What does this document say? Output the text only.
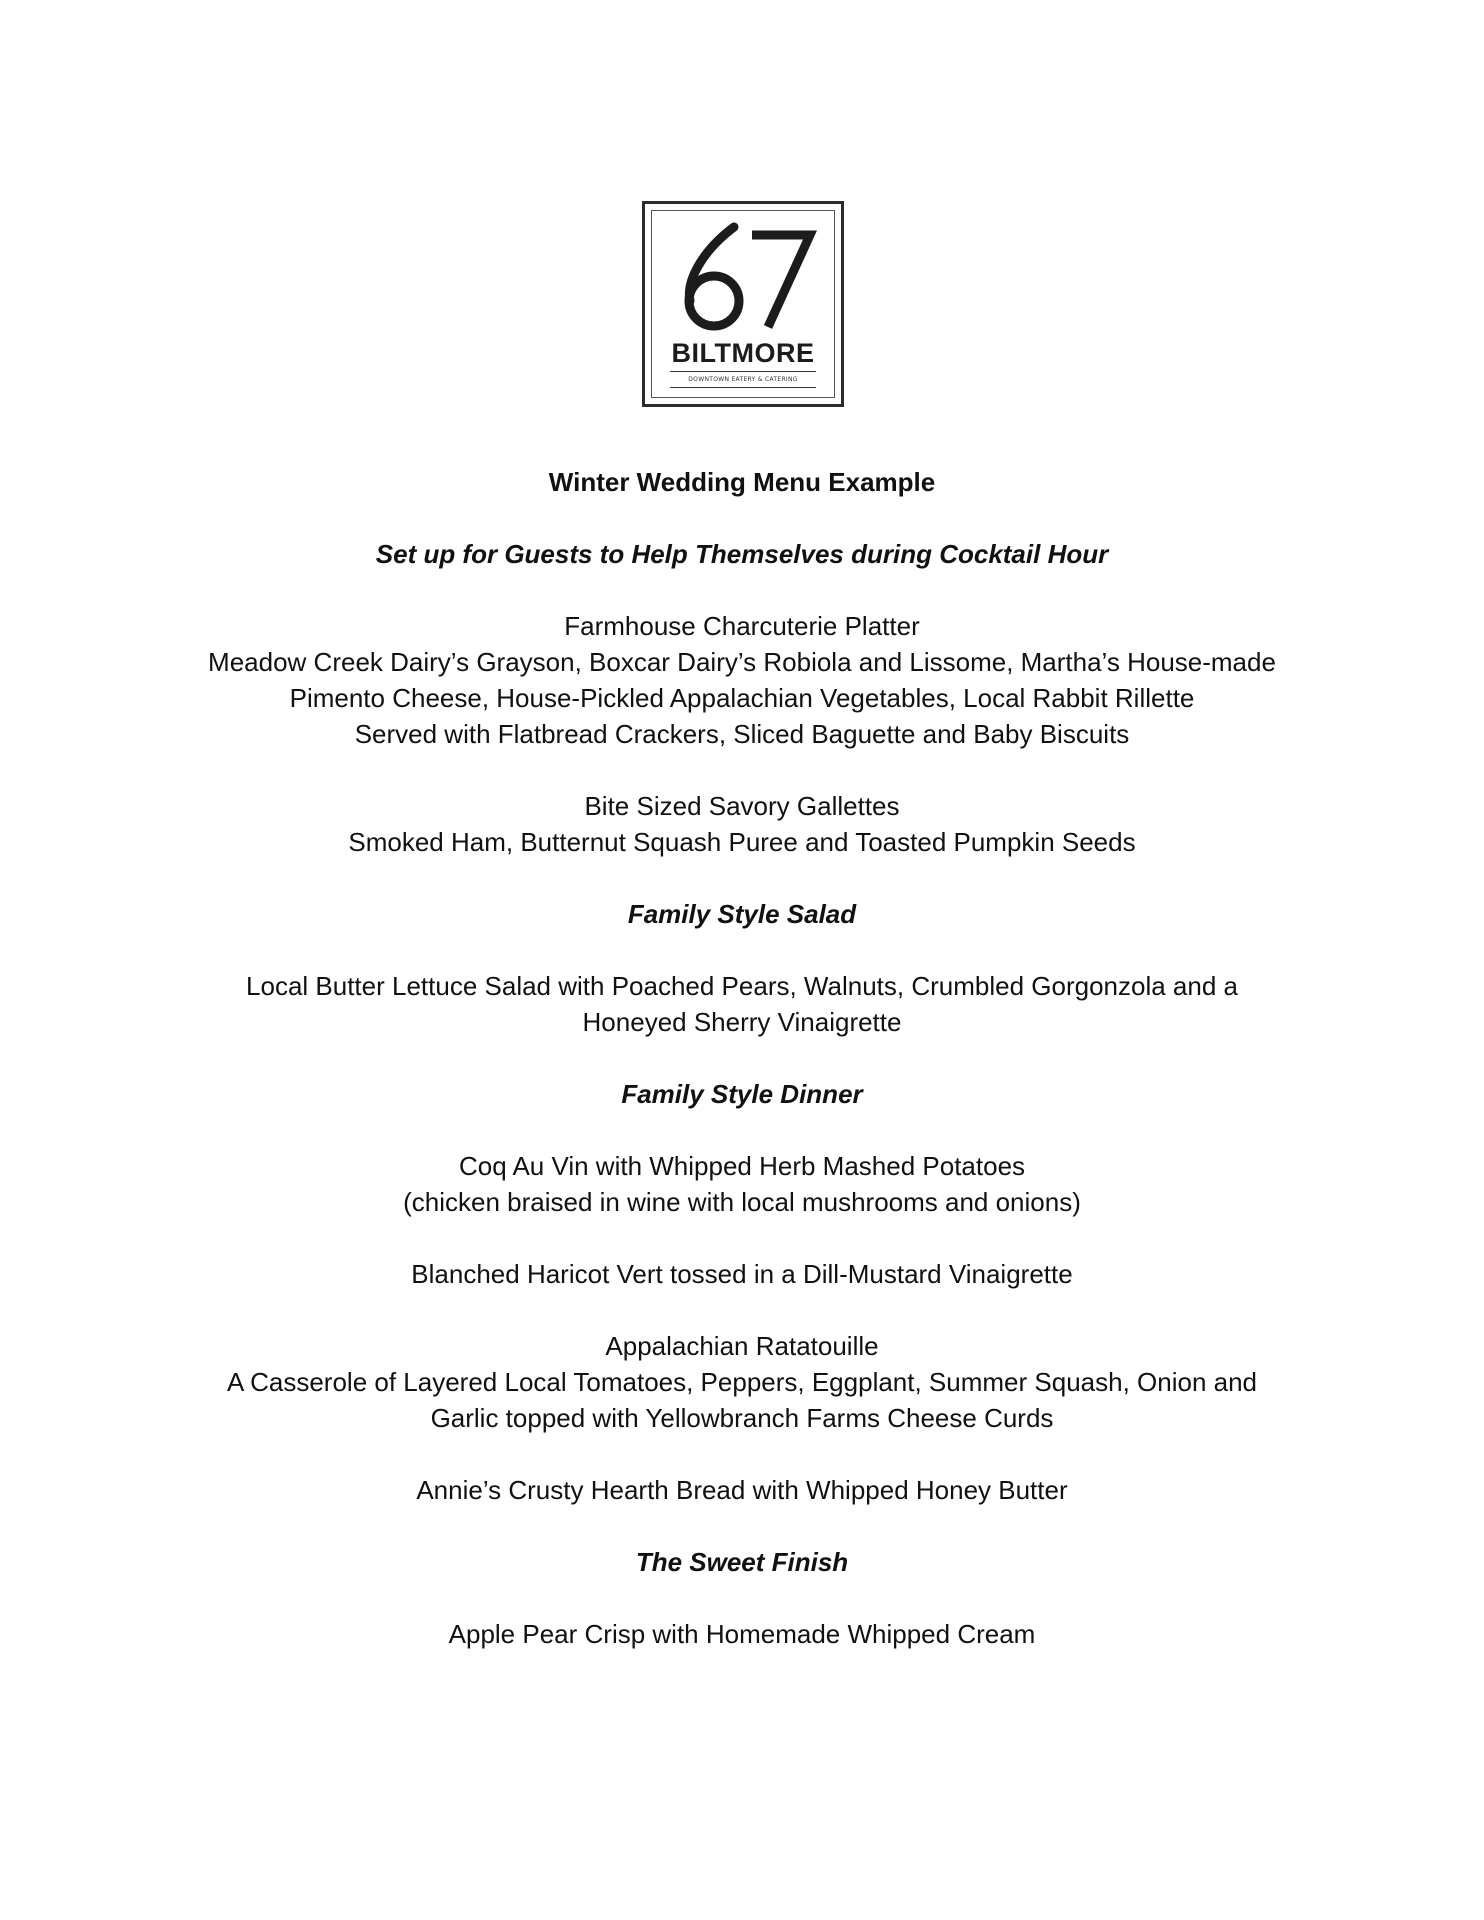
BILTMORE
DOWNTOWN EATERY & CATERING

Winter Wedding Menu Example

Set up for Guests to Help Themselves during Cocktail Hour

Farmhouse Charcuterie Platter
Meadow Creek Dairy’s Grayson, Boxcar Dairy’s Robiola and Lissome, Martha’s House-made
Pimento Cheese, House-Pickled Appalachian Vegetables, Local Rabbit Rillette
Served with Flatbread Crackers, Sliced Baguette and Baby Biscuits

Bite Sized Savory Gallettes
Smoked Ham, Butternut Squash Puree and Toasted Pumpkin Seeds

Family Style Salad

Local Butter Lettuce Salad with Poached Pears, Walnuts, Crumbled Gorgonzola and a
Honeyed Sherry Vinaigrette

Family Style Dinner

Coq Au Vin with Whipped Herb Mashed Potatoes
(chicken braised in wine with local mushrooms and onions)

Blanched Haricot Vert tossed in a Dill-Mustard Vinaigrette

Appalachian Ratatouille
A Casserole of Layered Local Tomatoes, Peppers, Eggplant, Summer Squash, Onion and
Garlic topped with Yellowbranch Farms Cheese Curds

Annie’s Crusty Hearth Bread with Whipped Honey Butter

The Sweet Finish

Apple Pear Crisp with Homemade Whipped Cream
